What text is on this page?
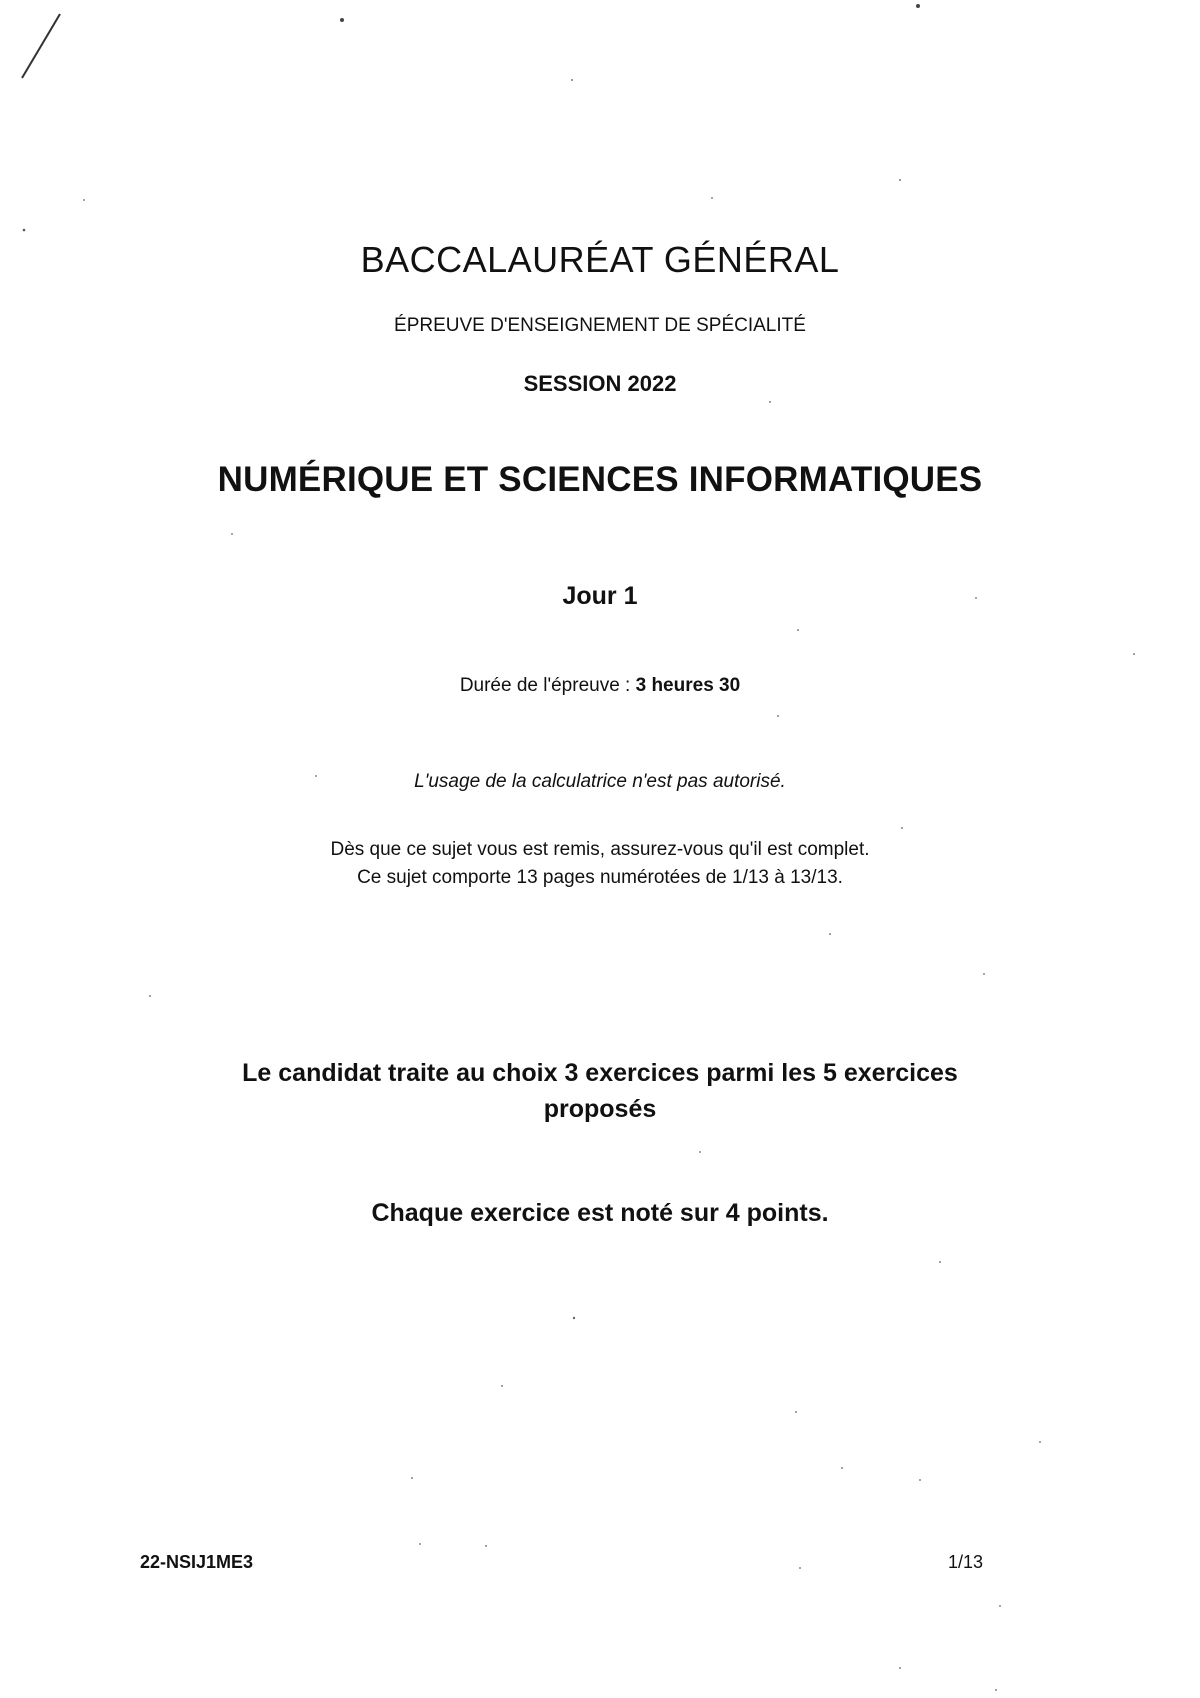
BACCALAURÉAT GÉNÉRAL
ÉPREUVE D'ENSEIGNEMENT DE SPÉCIALITÉ
SESSION 2022
NUMÉRIQUE ET SCIENCES INFORMATIQUES
Jour 1
Durée de l'épreuve : 3 heures 30
L'usage de la calculatrice n'est pas autorisé.
Dès que ce sujet vous est remis, assurez-vous qu'il est complet.
Ce sujet comporte 13 pages numérotées de 1/13 à 13/13.
Le candidat traite au choix 3 exercices parmi les 5 exercices
proposés
Chaque exercice est noté sur 4 points.
22-NSIJ1ME3	1/13
